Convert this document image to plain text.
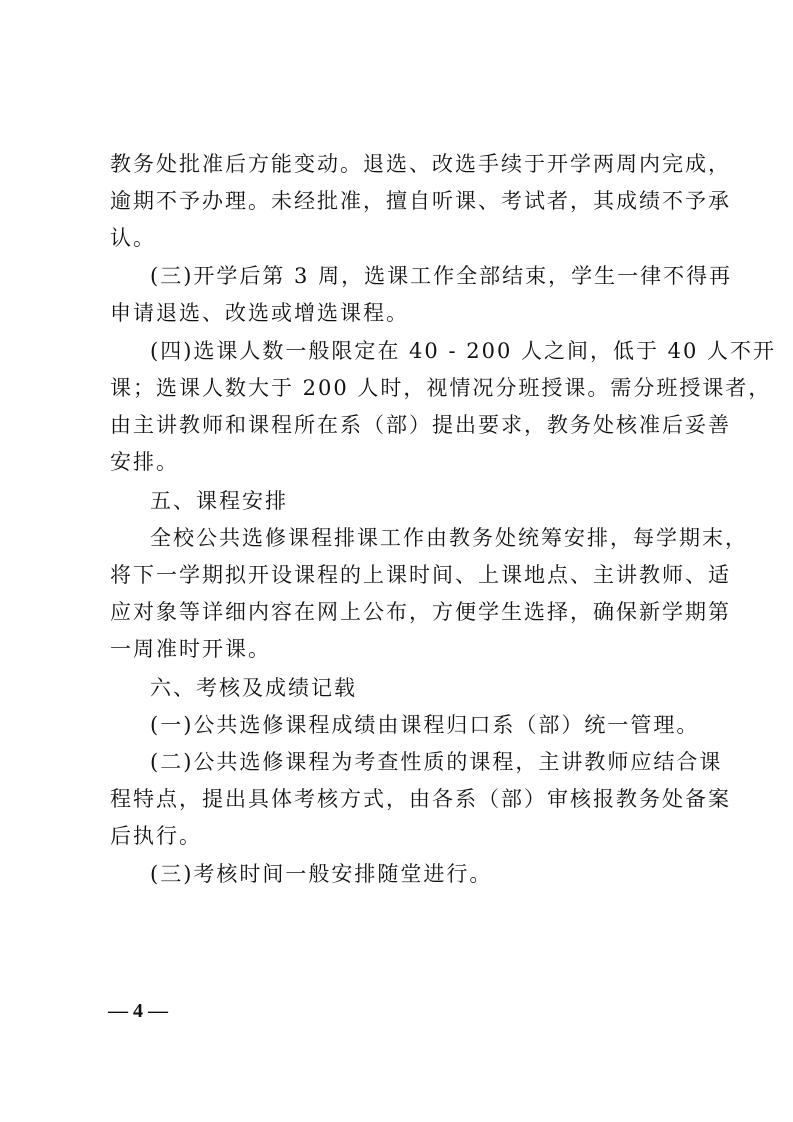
教务处批准后方能变动。退选、改选手续于开学两周内完成，
逾期不予办理。未经批准，擅自听课、考试者，其成绩不予承
认。
(三)开学后第 3 周，选课工作全部结束，学生一律不得再
申请退选、改选或增选课程。
(四)选课人数一般限定在 40 - 200 人之间，低于 40 人不开
课；选课人数大于 200 人时，视情况分班授课。需分班授课者，
由主讲教师和课程所在系（部）提出要求，教务处核准后妥善
安排。
五、课程安排
全校公共选修课程排课工作由教务处统筹安排，每学期末，
将下一学期拟开设课程的上课时间、上课地点、主讲教师、适
应对象等详细内容在网上公布，方便学生选择，确保新学期第
一周准时开课。
六、考核及成绩记载
(一)公共选修课程成绩由课程归口系（部）统一管理。
(二)公共选修课程为考查性质的课程，主讲教师应结合课
程特点，提出具体考核方式，由各系（部）审核报教务处备案
后执行。
(三)考核时间一般安排随堂进行。
— 4 —
